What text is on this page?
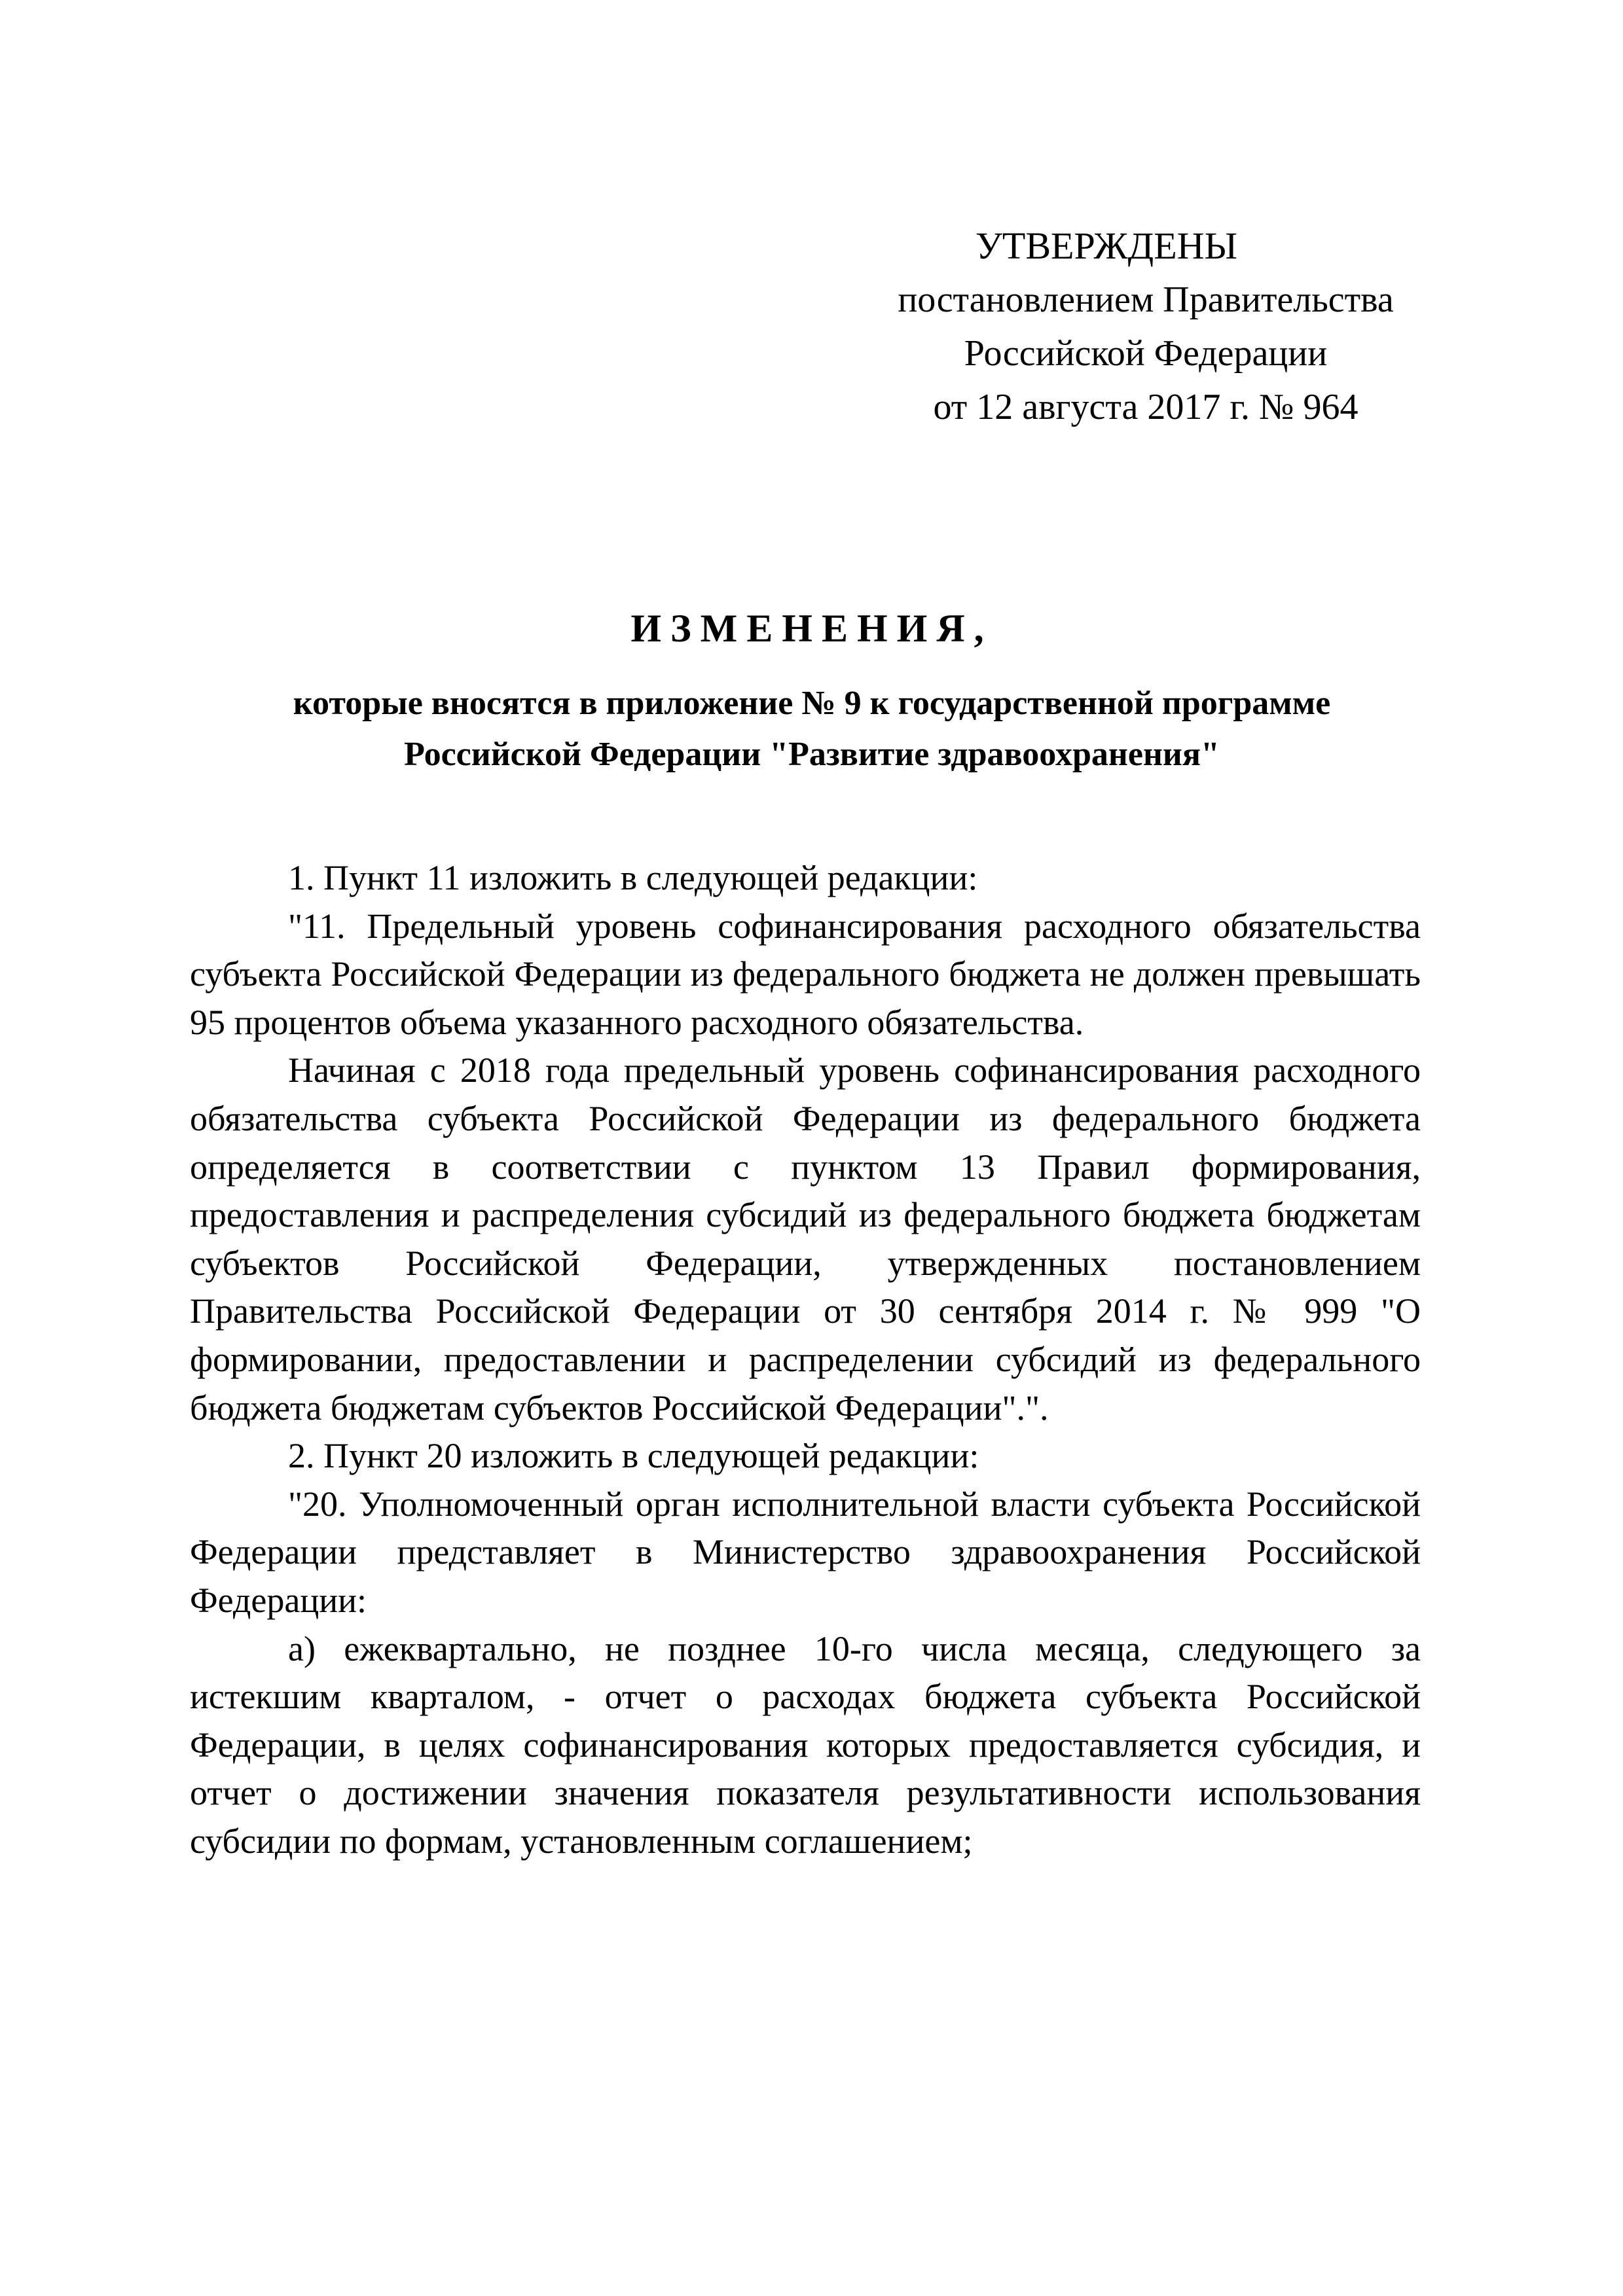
УТВЕРЖДЕНЫ
постановлением Правительства
Российской Федерации
от 12 августа 2017 г. № 964
ИЗМЕНЕНИЯ,
которые вносятся в приложение № 9 к государственной программе
Российской Федерации "Развитие здравоохранения"

1. Пункт 11 изложить в следующей редакции:

"11. Предельный уровень софинансирования расходного обязательства субъекта Российской Федерации из федерального бюджета не должен превышать 95 процентов объема указанного расходного обязательства.

Начиная с 2018 года предельный уровень софинансирования расходного обязательства субъекта Российской Федерации из федерального бюджета определяется в соответствии с пунктом 13 Правил формирования, предоставления и распределения субсидий из федерального бюджета бюджетам субъектов Российской Федерации, утвержденных постановлением Правительства Российской Федерации от 30 сентября 2014 г. № 999 "О формировании, предоставлении и распределении субсидий из федерального бюджета бюджетам субъектов Российской Федерации".".

2. Пункт 20 изложить в следующей редакции:

"20. Уполномоченный орган исполнительной власти субъекта Российской Федерации представляет в Министерство здравоохранения Российской Федерации:

а) ежеквартально, не позднее 10-го числа месяца, следующего за истекшим кварталом, - отчет о расходах бюджета субъекта Российской Федерации, в целях софинансирования которых предоставляется субсидия, и отчет о достижении значения показателя результативности использования субсидии по формам, установленным соглашением;
